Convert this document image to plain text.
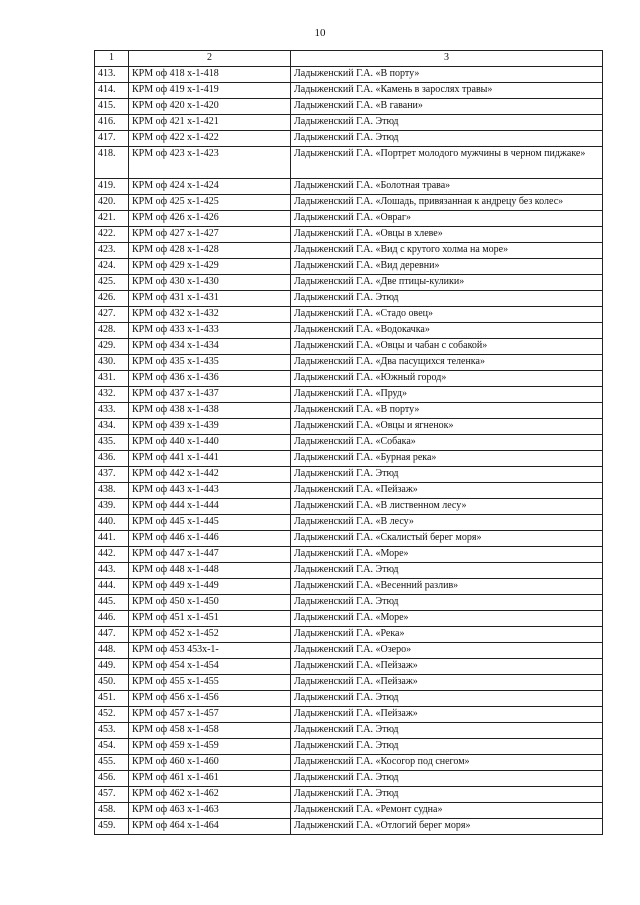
10
1	2	3
413.	КРМ оф 418 х-1-418	Ладыженский Г.А. «В порту»
414.	КРМ оф 419 х-1-419	Ладыженский Г.А. «Камень в зарослях травы»
415.	КРМ оф 420 х-1-420	Ладыженский Г.А. «В гавани»
416.	КРМ оф 421 х-1-421	Ладыженский Г.А. Этюд
417.	КРМ оф 422 х-1-422	Ладыженский Г.А. Этюд
418.	КРМ оф 423 х-1-423	Ладыженский Г.А. «Портрет молодого мужчины в черном пиджаке»
419.	КРМ оф 424 х-1-424	Ладыженский Г.А. «Болотная трава»
420.	КРМ оф 425 х-1-425	Ладыженский Г.А. «Лошадь, привязанная к андрецу без колес»
421.	КРМ оф 426 х-1-426	Ладыженский Г.А. «Овраг»
422.	КРМ оф 427 х-1-427	Ладыженский Г.А. «Овцы в хлеве»
423.	КРМ оф 428 х-1-428	Ладыженский Г.А. «Вид с крутого холма на море»
424.	КРМ оф 429 х-1-429	Ладыженский Г.А. «Вид деревни»
425.	КРМ оф 430 х-1-430	Ладыженский Г.А. «Две птицы-кулики»
426.	КРМ оф 431 х-1-431	Ладыженский Г.А. Этюд
427.	КРМ оф 432 х-1-432	Ладыженский Г.А. «Стадо овец»
428.	КРМ оф 433 х-1-433	Ладыженский Г.А. «Водокачка»
429.	КРМ оф 434 х-1-434	Ладыженский Г.А. «Овцы и чабан с собакой»
430.	КРМ оф 435 х-1-435	Ладыженский Г.А. «Два пасущихся теленка»
431.	КРМ оф 436 х-1-436	Ладыженский Г.А. «Южный город»
432.	КРМ оф 437 х-1-437	Ладыженский Г.А. «Пруд»
433.	КРМ оф 438 х-1-438	Ладыженский Г.А. «В порту»
434.	КРМ оф 439 х-1-439	Ладыженский Г.А. «Овцы и ягненок»
435.	КРМ оф 440 х-1-440	Ладыженский Г.А. «Собака»
436.	КРМ оф 441 х-1-441	Ладыженский Г.А. «Бурная река»
437.	КРМ оф 442 х-1-442	Ладыженский Г.А. Этюд
438.	КРМ оф 443 х-1-443	Ладыженский Г.А. «Пейзаж»
439.	КРМ оф 444 х-1-444	Ладыженский Г.А. «В лиственном лесу»
440.	КРМ оф 445 х-1-445	Ладыженский Г.А. «В лесу»
441.	КРМ оф 446 х-1-446	Ладыженский Г.А. «Скалистый берег моря»
442.	КРМ оф 447 х-1-447	Ладыженский Г.А. «Море»
443.	КРМ оф 448 х-1-448	Ладыженский Г.А. Этюд
444.	КРМ оф 449 х-1-449	Ладыженский Г.А. «Весенний разлив»
445.	КРМ оф 450 х-1-450	Ладыженский Г.А. Этюд
446.	КРМ оф 451 х-1-451	Ладыженский Г.А. «Море»
447.	КРМ оф 452 х-1-452	Ладыженский Г.А. «Река»
448.	КРМ оф 453 453х-1-	Ладыженский Г.А. «Озеро»
449.	КРМ оф 454 х-1-454	Ладыженский Г.А. «Пейзаж»
450.	КРМ оф 455 х-1-455	Ладыженский Г.А. «Пейзаж»
451.	КРМ оф 456 х-1-456	Ладыженский Г.А. Этюд
452.	КРМ оф 457 х-1-457	Ладыженский Г.А. «Пейзаж»
453.	КРМ оф 458 х-1-458	Ладыженский Г.А. Этюд
454.	КРМ оф 459 х-1-459	Ладыженский Г.А. Этюд
455.	КРМ оф 460 х-1-460	Ладыженский Г.А. «Косогор под снегом»
456.	КРМ оф 461 х-1-461	Ладыженский Г.А. Этюд
457.	КРМ оф 462 х-1-462	Ладыженский Г.А. Этюд
458.	КРМ оф 463 х-1-463	Ладыженский Г.А. «Ремонт судна»
459.	КРМ оф 464 х-1-464	Ладыженский Г.А. «Отлогий берег моря»
